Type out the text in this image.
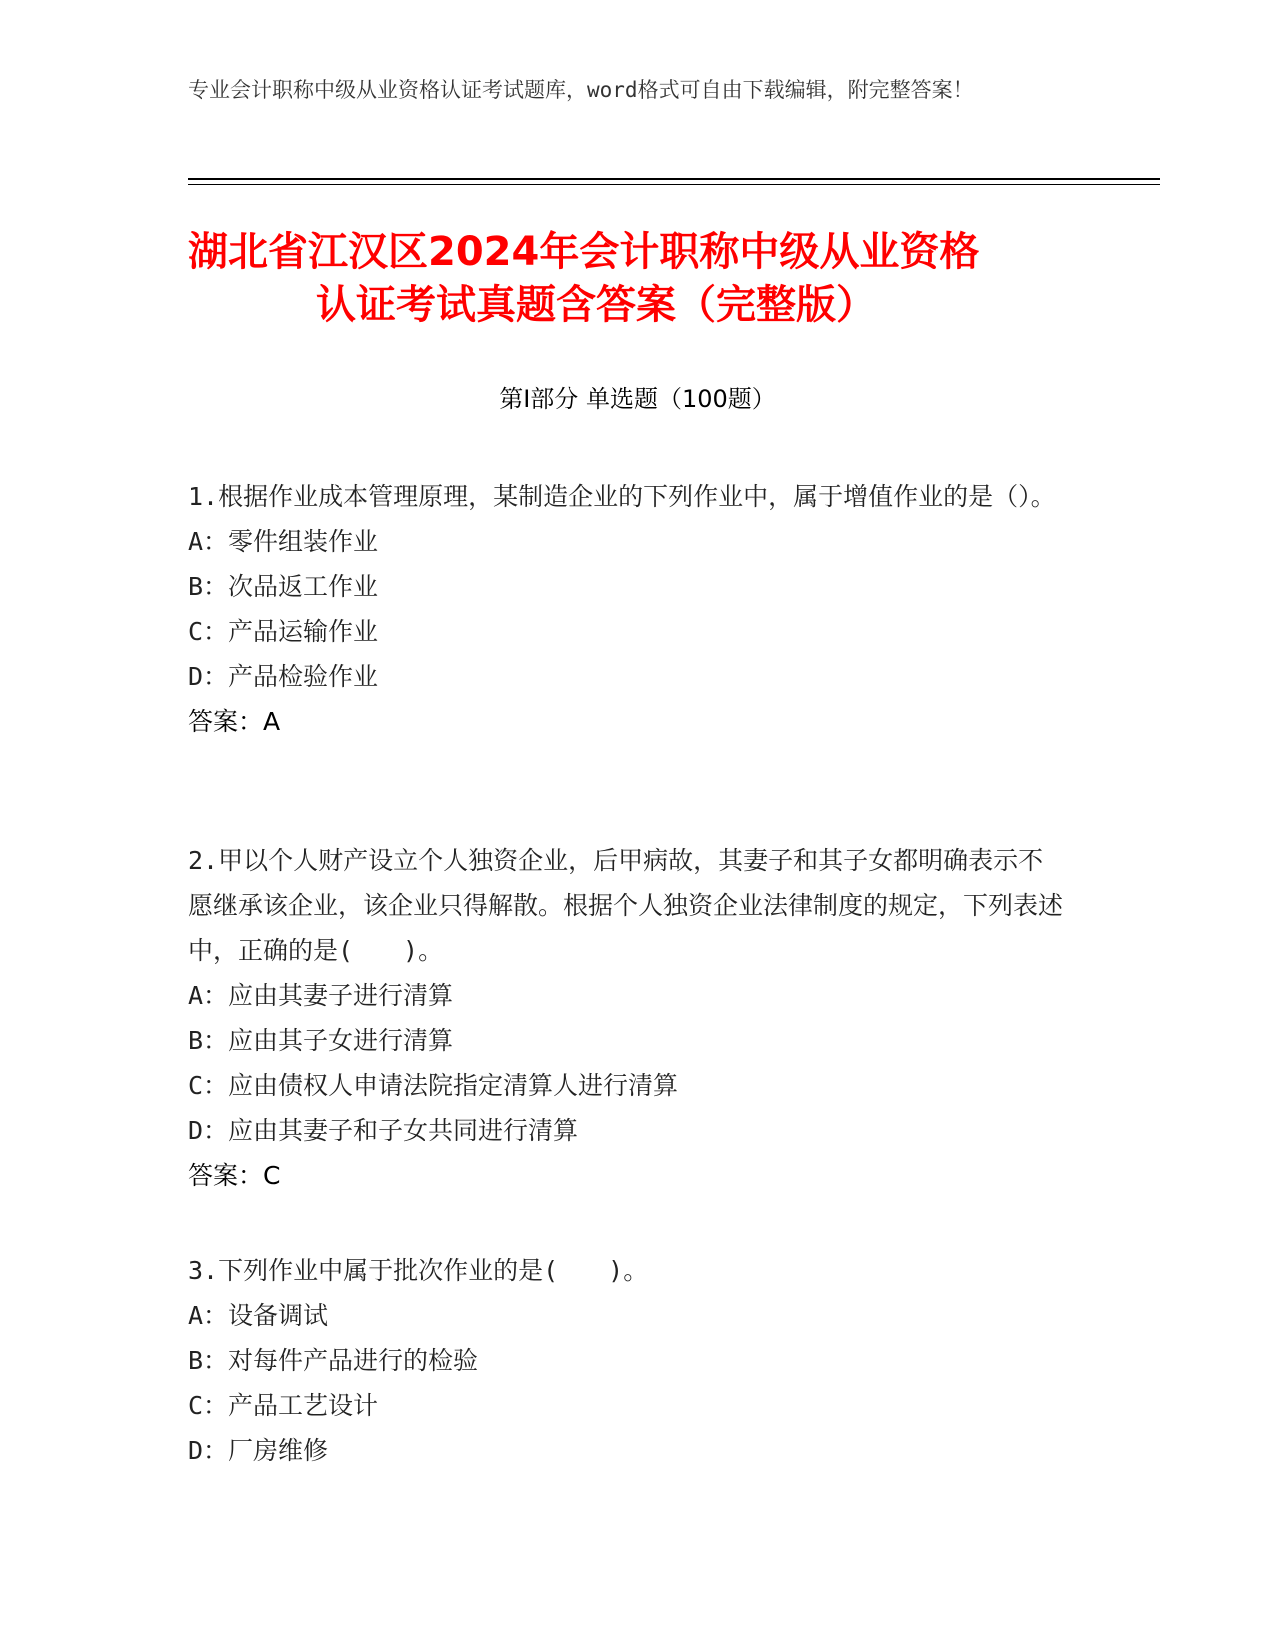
专业会计职称中级从业资格认证考试题库，word格式可自由下载编辑，附完整答案！
湖北省江汉区2024年会计职称中级从业资格
认证考试真题含答案（完整版）
第Ⅰ部分 单选题（100题）
1.根据作业成本管理原理，某制造企业的下列作业中，属于增值作业的是（）。
A：零件组装作业
B：次品返工作业
C：产品运输作业
D：产品检验作业
答案：A
2.甲以个人财产设立个人独资企业，后甲病故，其妻子和其子女都明确表示不愿继承该企业，该企业只得解散。根据个人独资企业法律制度的规定，下列表述中，正确的是(　　)。
A：应由其妻子进行清算
B：应由其子女进行清算
C：应由债权人申请法院指定清算人进行清算
D：应由其妻子和子女共同进行清算
答案：C
3.下列作业中属于批次作业的是(　　)。
A：设备调试
B：对每件产品进行的检验
C：产品工艺设计
D：厂房维修
